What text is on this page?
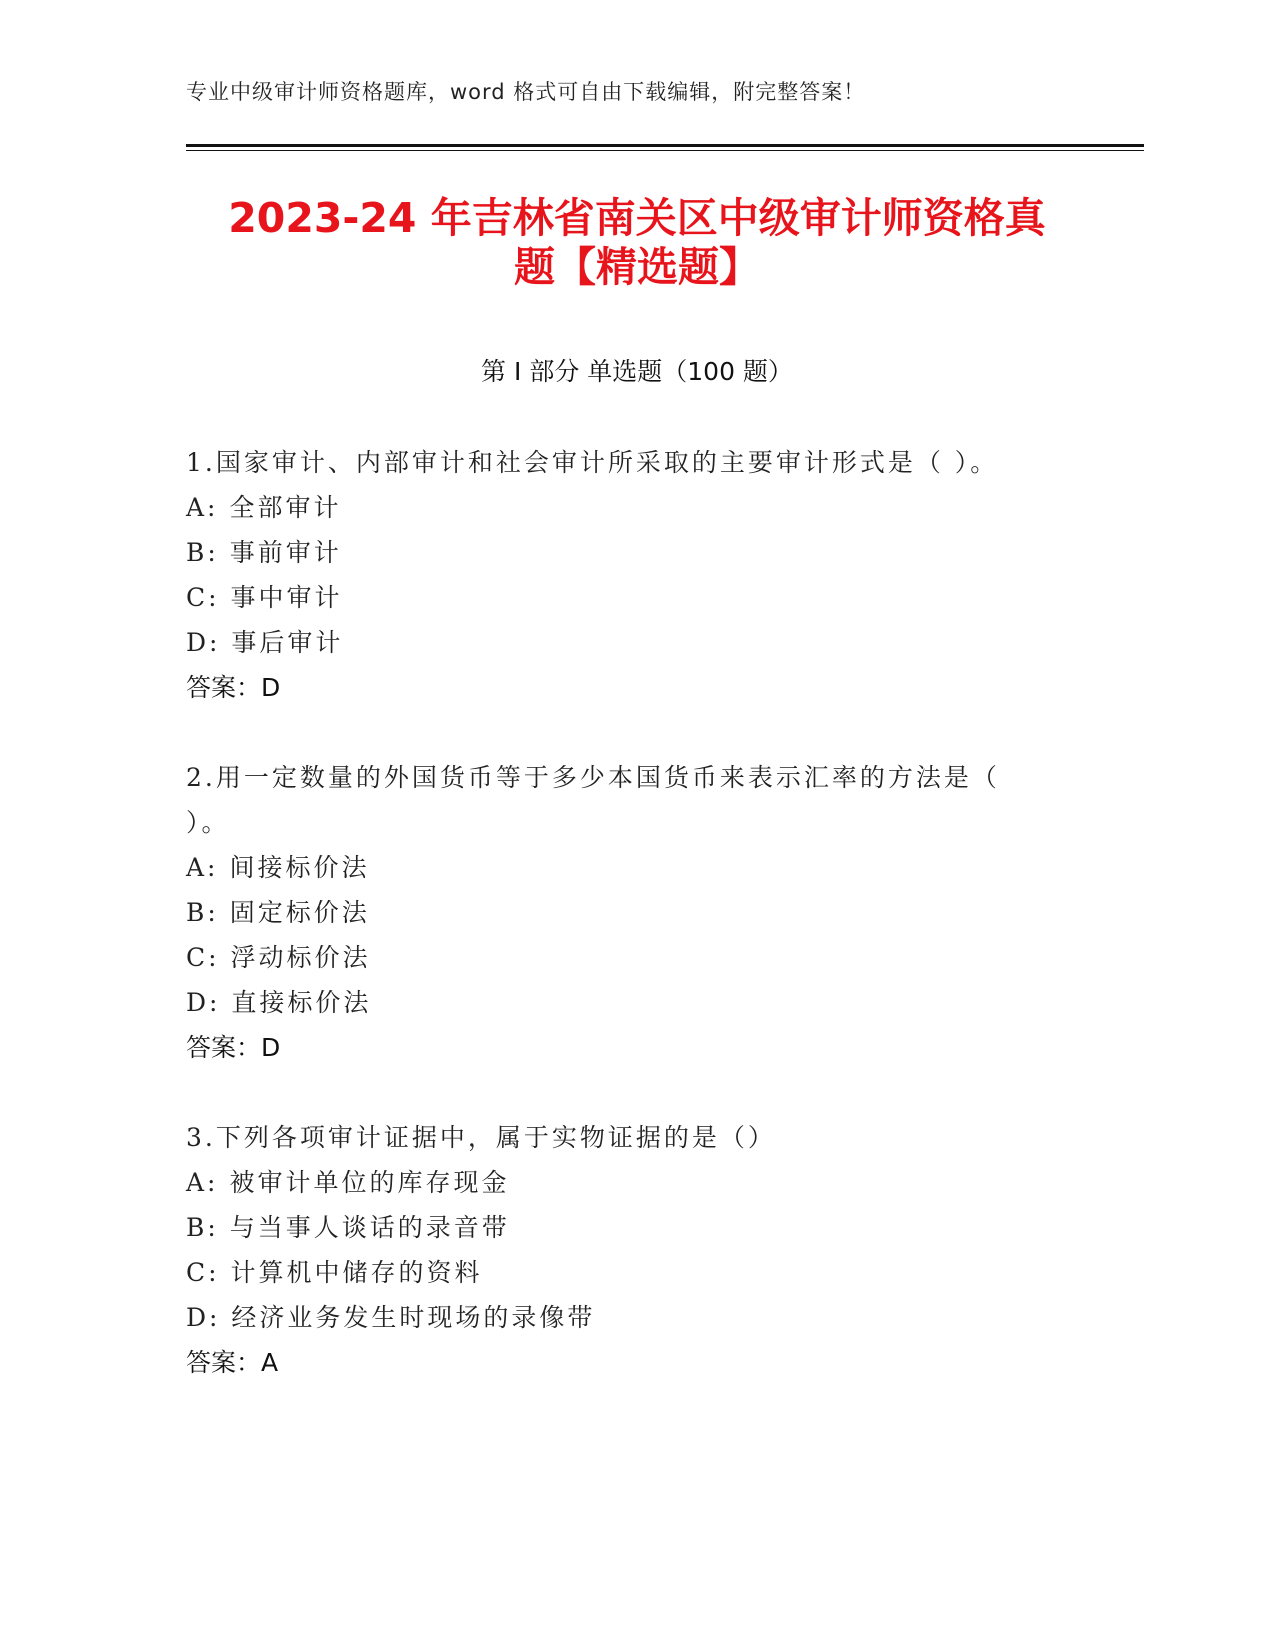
专业中级审计师资格题库，word 格式可自由下载编辑，附完整答案！
2023-24 年吉林省南关区中级审计师资格真
题【精选题】
第 I 部分 单选题（100 题）
1.国家审计、内部审计和社会审计所采取的主要审计形式是（ ）。
A: 全部审计
B: 事前审计
C: 事中审计
D: 事后审计
答案：D
2.用一定数量的外国货币等于多少本国货币来表示汇率的方法是（
）。
A: 间接标价法
B: 固定标价法
C: 浮动标价法
D: 直接标价法
答案：D
3.下列各项审计证据中，属于实物证据的是（）
A: 被审计单位的库存现金
B: 与当事人谈话的录音带
C: 计算机中储存的资料
D: 经济业务发生时现场的录像带
答案：A
